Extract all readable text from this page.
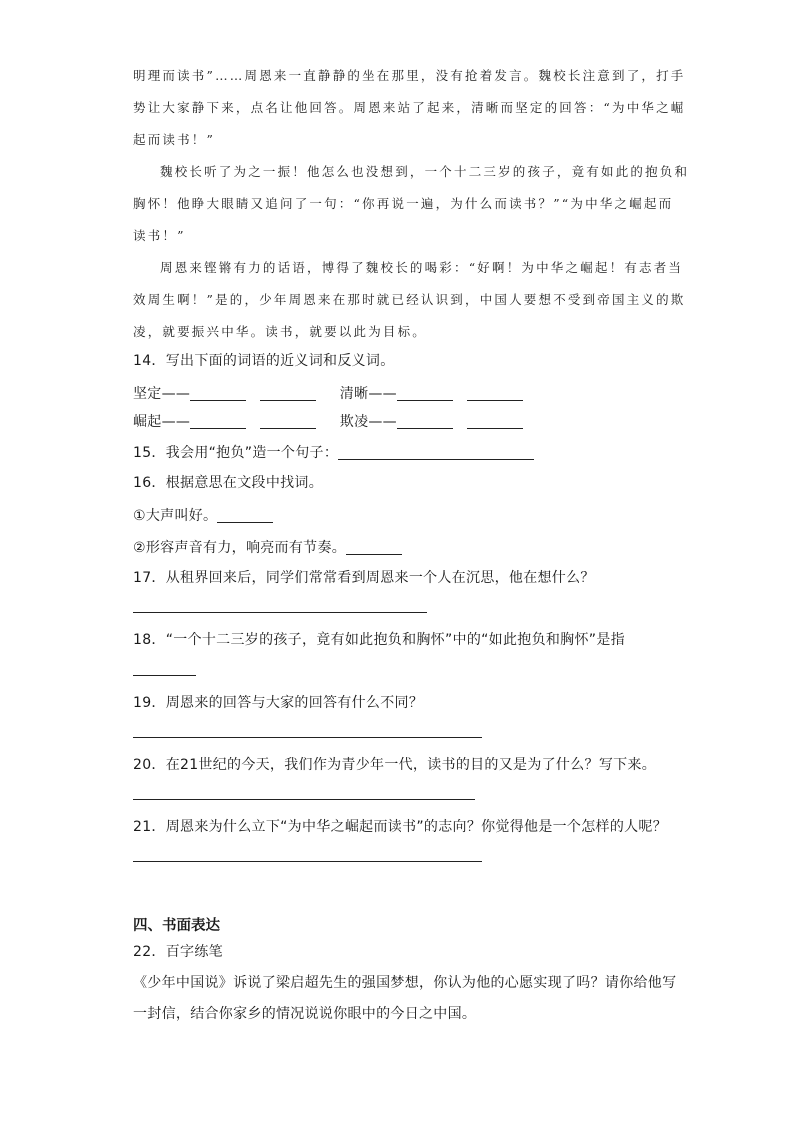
明理而读书”……周恩来一直静静的坐在那里，没有抢着发言。魏校长注意到了，打手

势让大家静下来，点名让他回答。周恩来站了起来，清晰而坚定的回答：“为中华之崛

起而读书！”

魏校长听了为之一振！他怎么也没想到，一个十二三岁的孩子，竟有如此的抱负和

胸怀！他睁大眼睛又追问了一句：“你再说一遍，为什么而读书？”“为中华之崛起而

读书！”

周恩来铿锵有力的话语，博得了魏校长的喝彩：“好啊！为中华之崛起！有志者当

效周生啊！”是的，少年周恩来在那时就已经认识到，中国人要想不受到帝国主义的欺

凌，就要振兴中华。读书，就要以此为目标。

14．写出下面的词语的近义词和反义词。

坚定——	清晰——

崛起——	欺凌——

15．我会用“抱负”造一个句子：

16．根据意思在文段中找词。

①大声叫好。

②形容声音有力，响亮而有节奏。

17．从租界回来后，同学们常常看到周恩来一个人在沉思，他在想什么？

18．“一个十二三岁的孩子，竟有如此抱负和胸怀”中的“如此抱负和胸怀”是指

19．周恩来的回答与大家的回答有什么不同？

20．在21世纪的今天，我们作为青少年一代，读书的目的又是为了什么？写下来。

21．周恩来为什么立下“为中华之崛起而读书”的志向？你觉得他是一个怎样的人呢？

四、书面表达

22．百字练笔

《少年中国说》诉说了梁启超先生的强国梦想，你认为他的心愿实现了吗？请你给他写

一封信，结合你家乡的情况说说你眼中的今日之中国。
